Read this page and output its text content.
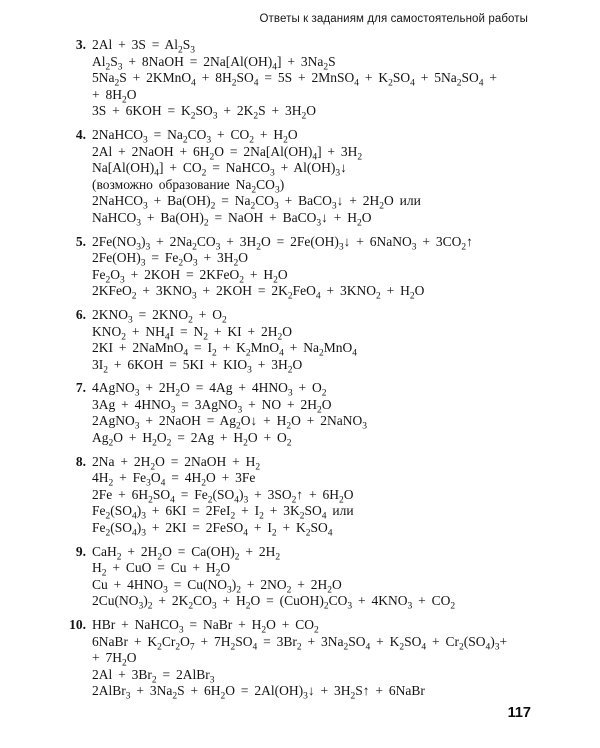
Ответы к заданиям для самостоятельной работы
3. $2Al + 3S = Al_2S_3$
$Al_2S_3$ + 8NaOH = $2Na[Al(OH)_4] + 3Na_2S$
$5Na_2S$ + 2KMnO$_4$ + $8H_2SO_4 = 5S$ + 2MnSO$_4$ + $K_2SO_4 + 5Na_2SO_4$ +
+ $8H_2O$
$3S + 6KOH = K_2SO_3 + 2K_2S + 3H_2O$
4. 2NaHCO$_3$ = $Na_2CO_3 + CO_2 + H_2O$
2Al + 2NaOH + $6H_2O = 2Na[Al(OH)_4] + 3H_2$
$Na[Al(OH)_4] + CO_2$ = NaHCO$_3$ + $Al(OH)_3↓$
(возможно образование $Na_2CO_3$)
2NaHCO$_3$ + $Ba(OH)_2 = Na_2CO_3$ + BaCO$_3$↓ + $2H_2O$ или
NaHCO$_3$ + $Ba(OH)_2$ = NaOH + BaCO$_3$↓ + $H_2O$
5. $2Fe(NO_3)_3 + 2Na_2CO_3 + 3H_2O$ = $2Fe(OH)_3↓$ + 6NaNO$_3$ + $3CO_2↑$
$2Fe(OH)_3 = Fe_2O_3 + 3H_2O$
$Fe_2O_3 + 2KOH$ = 2KFeO$_2$ + $H_2O$
2KFeO$_2$ + $3KNO_3 + 2KOH = 2K_2FeO_4 + 3KNO_2 + H_2O$
6. $2KNO_3 = 2KNO_2 + O_2$
$KNO_2 + NH_4I = N_2$ + KI + $2H_2O$
2KI + 2NaMnO$_4$ = $I_2 + K_2MnO_4 + Na_2MnO_4$
$3I_2 + 6KOH = 5KI + KIO_3 + 3H_2O$
7. 4AgNO$_3$ + $2H_2O = 4Ag + 4HNO_3 + O_2$
$3Ag + 4HNO_3$ = 3AgNO$_3$ + NO + $2H_2O$
2AgNO$_3$ + 2NaOH = $Ag_2O↓ + H_2O$ + 2NaNO$_3$
$Ag_2O + H_2O_2 = 2Ag + H_2O + O_2$
8. $2Na + 2H_2O$ = 2NaOH + $H_2$
$4H_2 + Fe_3O_4 = 4H_2O + 3Fe$
$2Fe + 6H_2SO_4 = Fe_2(SO_4)_3$ + $3SO_2↑ + 6H_2O$
$Fe_2(SO_4)_3 + 6KI = 2FeI_2 + I_2 + 3K_2SO_4$ или
$Fe_2(SO_4)_3 + 2KI$ = 2FeSO$_4$ + $I_2 + K_2SO_4$
9. $CaH_2 + 2H_2O = Ca(OH)_2 + 2H_2$
$H_2$ + CuO = $Cu + H_2O$
$Cu + 4HNO_3 = Cu(NO_3)_2 + 2NO_2 + 2H_2O$
$2Cu(NO_3)_2 + 2K_2CO_3 + H_2O$ = $(CuOH)_2CO_3 + 4KNO_3 + CO_2$
10. HBr + NaHCO$_3$ = NaBr + $H_2O + CO_2$
6NaBr + $K_2Cr_2O_7 + 7H_2SO_4 = 3Br_2 + 3Na_2SO_4 + K_2SO_4 + Cr_2(SO_4)_3+$
+ $7H_2O$
$2Al + 3Br_2$ = 2AlBr$_3$
2AlBr$_3$ + $3Na_2S + 6H_2O$ = $2Al(OH)_3↓$ + $3H_2S↑$ + 6NaBr
117
